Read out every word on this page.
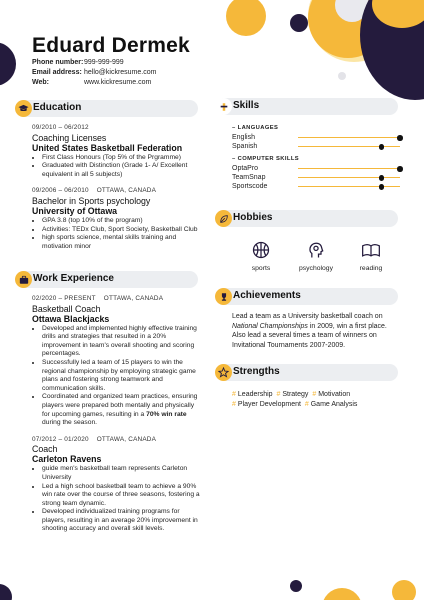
Eduard Dermek
Phone number:999-999-999
Email address: hello@kickresume.com
Web:	www.kickresume.com
Education
09/2010 – 06/2012
Coaching Licenses
United States Basketball Federation
• First Class Honours (Top 5% of the Prgramme)
• Graduated with Distinction (Grade 1- A/ Excellent equivalent in all 5 subjects)
09/2006 – 06/2010 OTTAWA, CANADA
Bachelor in Sports psychology
University of Ottawa
• GPA 3.8 (top 10% of the program)
• Activities: TEDx Club, Sport Society, Basketball Club
• high sports science, mental skills training and motivation minor
Work Experience
02/2020 – PRESENT OTTAWA, CANADA
Basketball Coach
Ottawa Blackjacks
• Developed and implemented highly effective training drills and strategies that resulted in a 20% improvement in team's overall shooting and scoring percentages.
• Successfully led a team of 15 players to win the regional championship by employing strategic game plans and fostering strong teamwork and communication skills.
• Coordinated and organized team practices, ensuring players were prepared both mentally and physically for upcoming games, resulting in a 70% win rate during the season.
07/2012 – 01/2020 OTTAWA, CANADA
Coach
Carleton Ravens
• guide men's basketball team represents Carleton University
• Led a high school basketball team to achieve a 90% win rate over the course of three seasons, fostering a strong team dynamic.
• Developed individualized training programs for players, resulting in an average 20% improvement in shooting accuracy and overall skill levels.
Skills
– LANGUAGES
English
Spanish
– COMPUTER SKILLS
OptaPro
TeamSnap
Sportscode
Hobbies
sports	psychology	reading
Achievements
Lead a team as a University basketball coach on National Championships in 2009, win a first place. Also lead a several times a team of winners on Invitational Tournaments 2007-2009.
Strengths
# Leadership # Strategy # Motivation
# Player Development # Game Analysis
